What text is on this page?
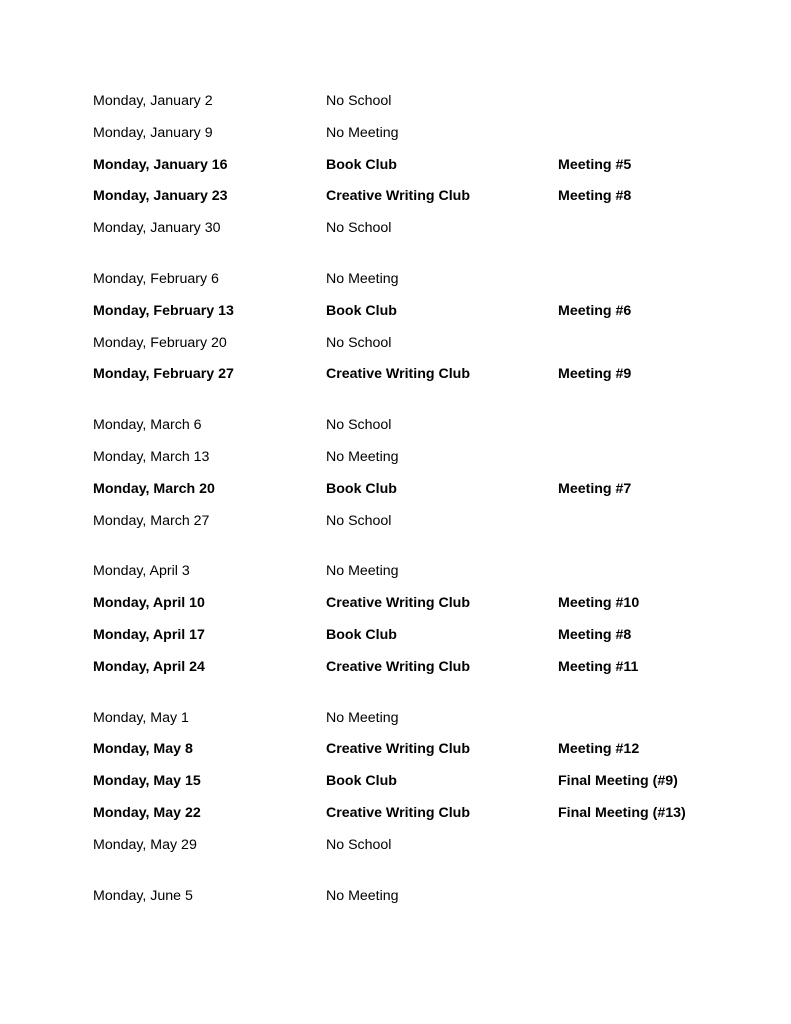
Monday, January 2	No School
Monday, January 9	No Meeting
Monday, January 16	Book Club	Meeting #5
Monday, January 23	Creative Writing Club	Meeting #8
Monday, January 30	No School
Monday, February 6	No Meeting
Monday, February 13	Book Club	Meeting #6
Monday, February 20	No School
Monday, February 27	Creative Writing Club	Meeting #9
Monday, March 6	No School
Monday, March 13	No Meeting
Monday, March 20	Book Club	Meeting #7
Monday, March 27	No School
Monday, April 3	No Meeting
Monday, April 10	Creative Writing Club	Meeting #10
Monday, April 17	Book Club	Meeting #8
Monday, April 24	Creative Writing Club	Meeting #11
Monday, May 1	No Meeting
Monday, May 8	Creative Writing Club	Meeting #12
Monday, May 15	Book Club	Final Meeting (#9)
Monday, May 22	Creative Writing Club	Final Meeting (#13)
Monday, May 29	No School
Monday, June 5	No Meeting
